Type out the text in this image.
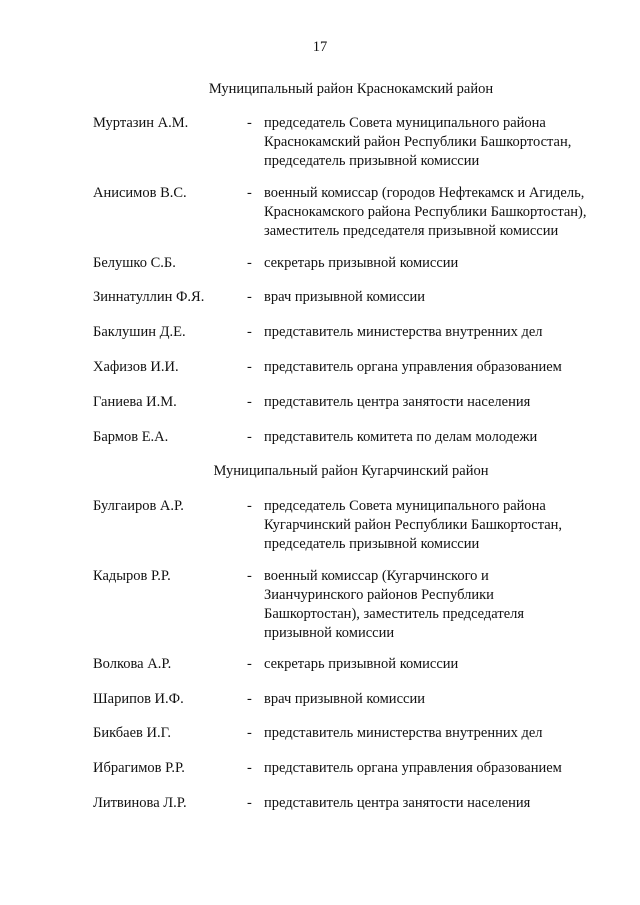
17
Муниципальный район Краснокамский район
Муртазин А.М.	- председатель Совета муниципального района
Краснокамский район Республики Башкортостан,
председатель призывной комиссии
Анисимов В.С.	- военный комиссар (городов Нефтекамск и Агидель,
Краснокамского района Республики Башкортостан),
заместитель председателя призывной комиссии
Белушко С.Б.	- секретарь призывной комиссии
Зиннатуллин Ф.Я.	- врач призывной комиссии
Баклушин Д.Е.	- представитель министерства внутренних дел
Хафизов И.И.	- представитель органа управления образованием
Ганиева И.М.	- представитель центра занятости населения
Бармов Е.А.	- представитель комитета по делам молодежи
Муниципальный район Кугарчинский район
Булгаиров А.Р.	- председатель Совета муниципального района
Кугарчинский район Республики Башкортостан,
председатель призывной комиссии
Кадыров Р.Р.	- военный комиссар (Кугарчинского и
Зианчуринского районов Республики
Башкортостан), заместитель председателя
призывной комиссии
Волкова А.Р.	- секретарь призывной комиссии
Шарипов И.Ф.	- врач призывной комиссии
Бикбаев И.Г.	- представитель министерства внутренних дел
Ибрагимов Р.Р.	- представитель органа управления образованием
Литвинова Л.Р.	- представитель центра занятости населения
